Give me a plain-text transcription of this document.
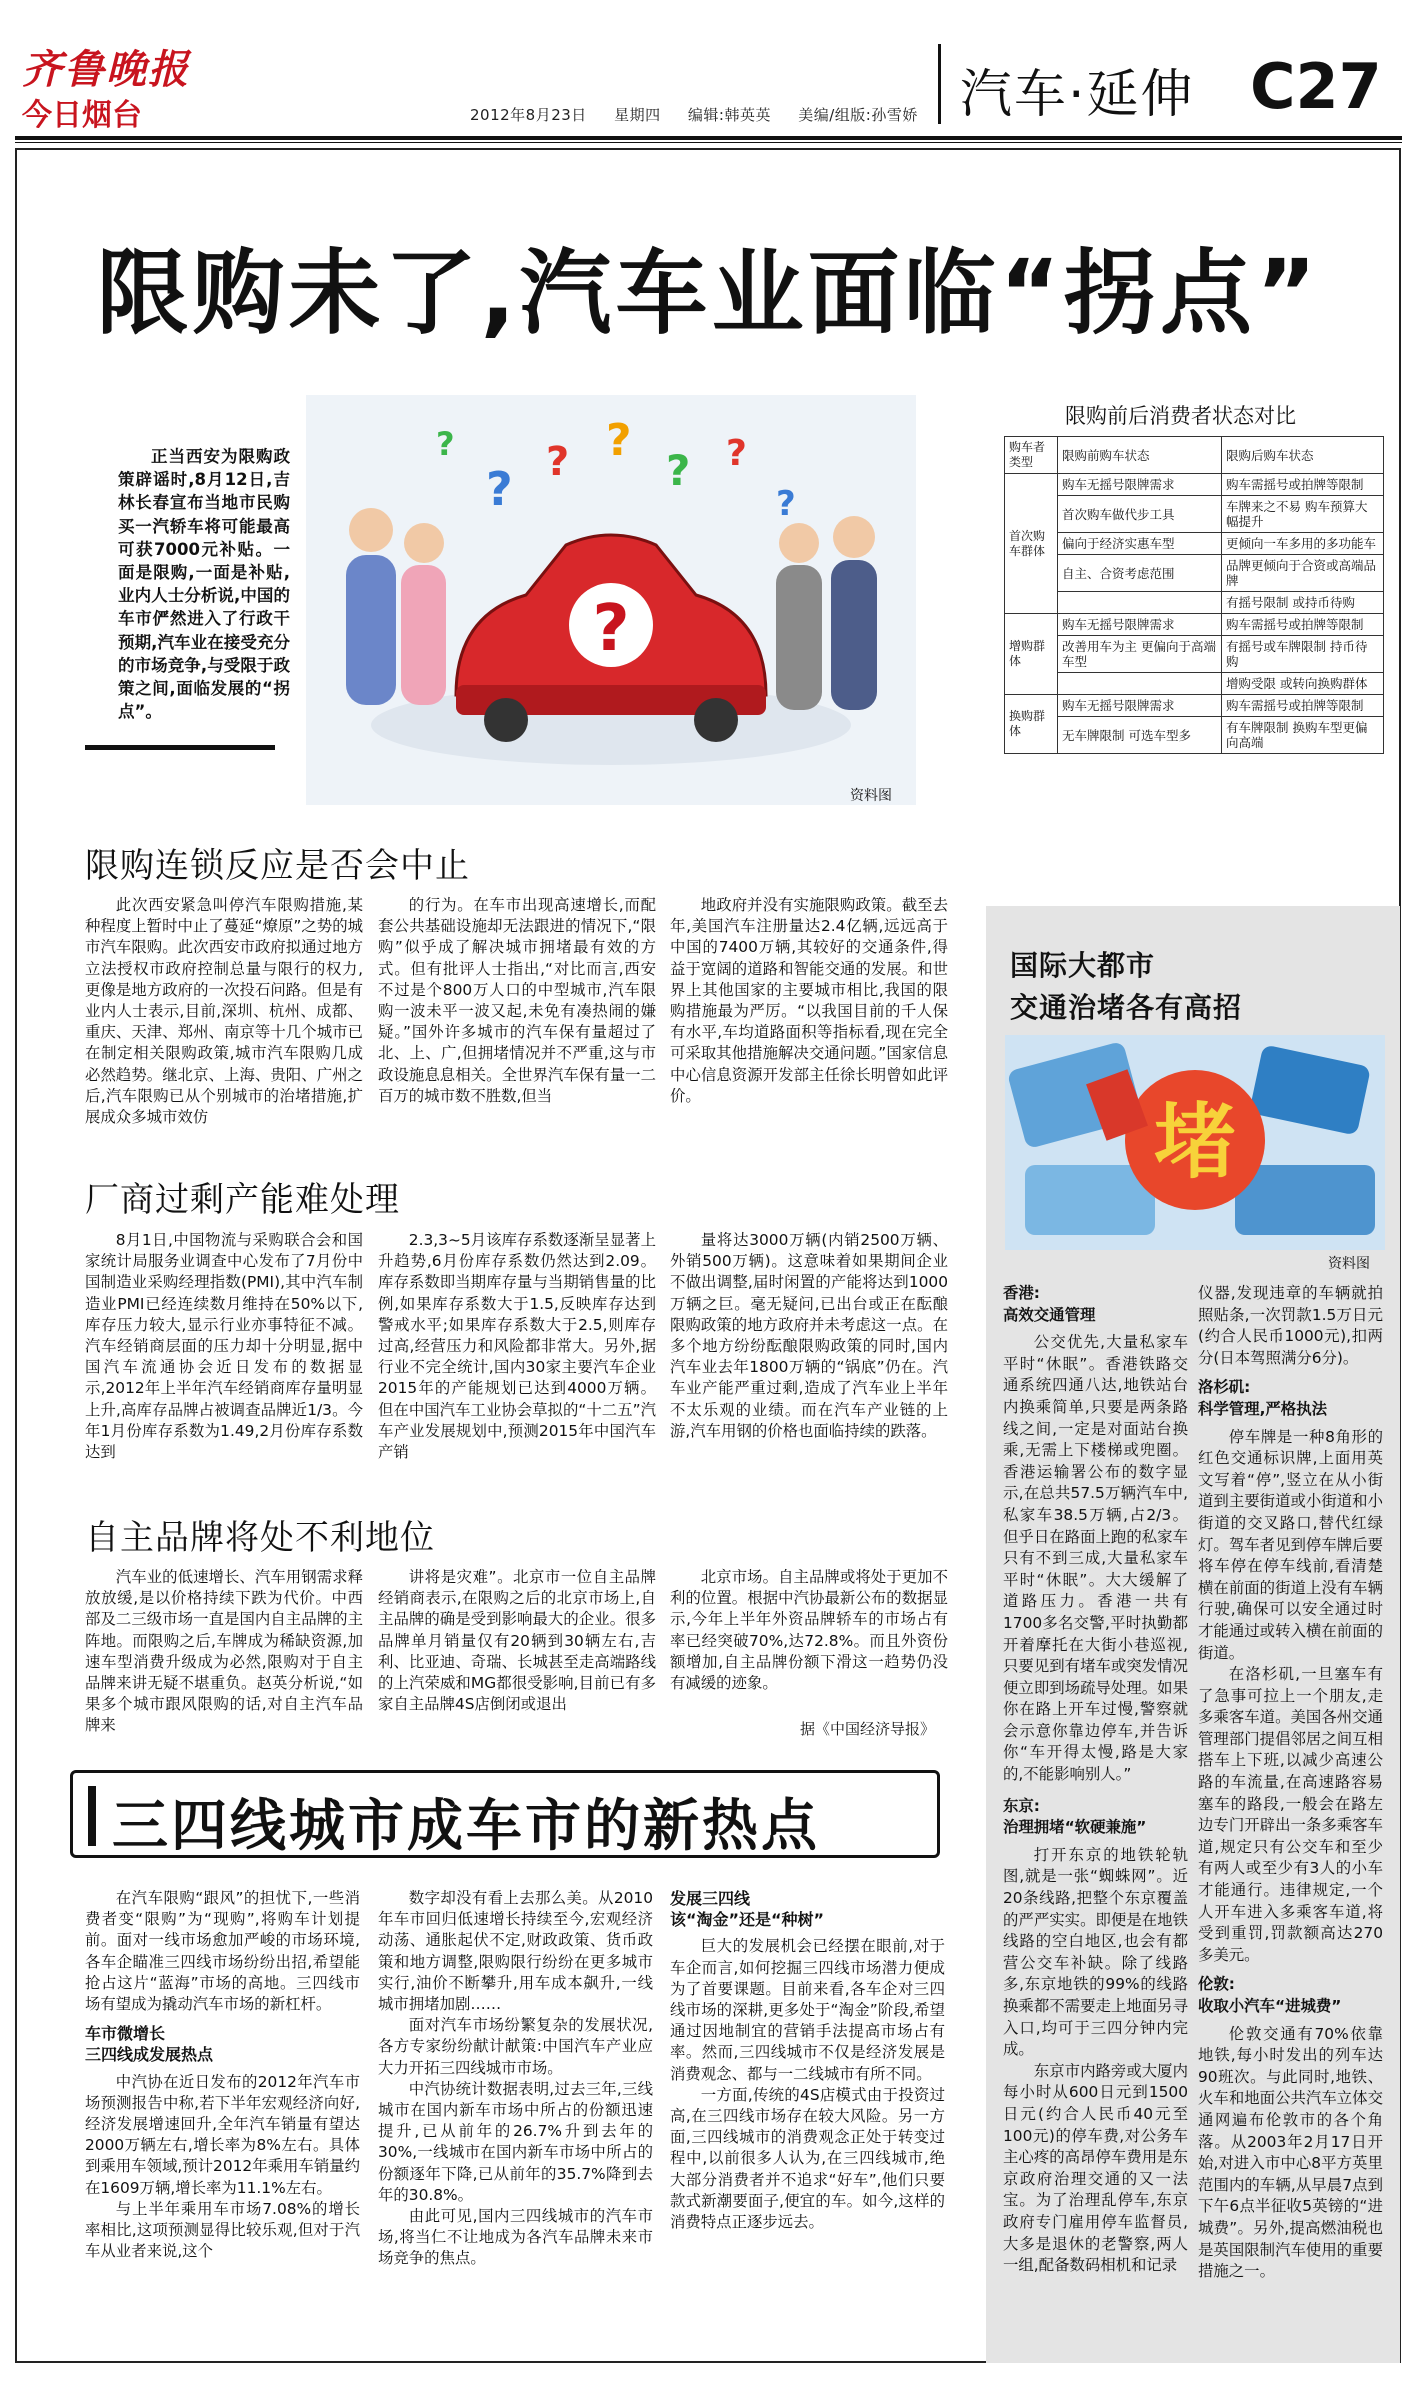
齐鲁晚报
今日烟台	2012年8月23日 星期四 编辑:韩英英 美编/组版:孙雪娇 汽车·延伸 C27
限购未了,汽车业面临“拐点”
正当西安为限购政策辟谣时,8月12日,吉林长春宣布当地市民购买一汽轿车将可能最高可获7000元补贴。一面是限购,一面是补贴,业内人士分析说,中国的车市俨然进入了行政干预期,汽车业在接受充分的市场竞争,与受限于政策之间,面临发展的“拐点”。
?
? ? ?
? ?
?
?
资料图
限购前后消费者状态对比
购车者类型	限购前购车状态	限购后购车状态
首次购车群体	购车无摇号限牌需求	购车需摇号或拍牌等限制
	首次购车做代步工具	车牌来之不易 购车预算大幅提升
	偏向于经济实惠车型	更倾向一车多用的多功能车
	自主、合资考虑范围	品牌更倾向于合资或高端品牌
		有摇号限制 或持币待购
增购群体	购车无摇号限牌需求	购车需摇号或拍牌等限制
	改善用车为主 更偏向于高端车型	有摇号或车牌限制 持币待购
		增购受限 或转向换购群体
换购群体	购车无摇号限牌需求	购车需摇号或拍牌等限制
	无车牌限制 可选车型多	有车牌限制 换购车型更偏向高端
限购连锁反应是否会中止
此次西安紧急叫停汽车限购措施,某种程度上暂时中止了蔓延“燎原”之势的城市汽车限购。此次西安市政府拟通过地方立法授权市政府控制总量与限行的权力,更像是地方政府的一次投石问路。但是有业内人士表示,目前,深圳、杭州、成都、重庆、天津、郑州、南京等十几个城市已在制定相关限购政策,城市汽车限购几成必然趋势。继北京、上海、贵阳、广州之后,汽车限购已从个别城市的治堵措施,扩展成众多城市效仿
的行为。在车市出现高速增长,而配套公共基础设施却无法跟进的情况下,“限购”似乎成了解决城市拥堵最有效的方式。但有批评人士指出,“对比而言,西安不过是个800万人口的中型城市,汽车限购一波未平一波又起,未免有凑热闹的嫌疑。”国外许多城市的汽车保有量超过了北、上、广,但拥堵情况并不严重,这与市政设施息息相关。全世界汽车保有量一二百万的城市数不胜数,但当
地政府并没有实施限购政策。截至去年,美国汽车注册量达2.4亿辆,远远高于中国的7400万辆,其较好的交通条件,得益于宽阔的道路和智能交通的发展。和世界上其他国家的主要城市相比,我国的限购措施最为严厉。“以我国目前的千人保有水平,车均道路面积等指标看,现在完全可采取其他措施解决交通问题。”国家信息中心信息资源开发部主任徐长明曾如此评价。
厂商过剩产能难处理
8月1日,中国物流与采购联合会和国家统计局服务业调查中心发布了7月份中国制造业采购经理指数(PMI),其中汽车制造业PMI已经连续数月维持在50%以下,库存压力较大,显示行业亦事特征不减。汽车经销商层面的压力却十分明显,据中国汽车流通协会近日发布的数据显示,2012年上半年汽车经销商库存量明显上升,高库存品牌占被调查品牌近1/3。今年1月份库存系数为1.49,2月份库存系数达到
2.3,3~5月该库存系数逐渐呈显著上升趋势,6月份库存系数仍然达到2.09。库存系数即当期库存量与当期销售量的比例,如果库存系数大于1.5,反映库存达到警戒水平;如果库存系数大于2.5,则库存过高,经营压力和风险都非常大。另外,据行业不完全统计,国内30家主要汽车企业2015年的产能规划已达到4000万辆。但在中国汽车工业协会草拟的“十二五”汽车产业发展规划中,预测2015年中国汽车产销
量将达3000万辆(内销2500万辆、外销500万辆)。这意味着如果期间企业不做出调整,届时闲置的产能将达到1000万辆之巨。毫无疑问,已出台或正在酝酿限购政策的地方政府并未考虑这一点。在多个地方纷纷酝酿限购政策的同时,国内汽车业去年1800万辆的“锅底”仍在。汽车业产能严重过剩,造成了汽车业上半年不太乐观的业绩。而在汽车产业链的上游,汽车用钢的价格也面临持续的跌落。
自主品牌将处不利地位
汽车业的低速增长、汽车用钢需求释放放缓,是以价格持续下跌为代价。中西部及二三级市场一直是国内自主品牌的主阵地。而限购之后,车牌成为稀缺资源,加速车型消费升级成为必然,限购对于自主品牌来讲无疑不堪重负。赵英分析说,“如果多个城市跟风限购的话,对自主汽车品牌来
讲将是灾难”。北京市一位自主品牌经销商表示,在限购之后的北京市场上,自主品牌的确是受到影响最大的企业。很多品牌单月销量仅有20辆到30辆左右,吉利、比亚迪、奇瑞、长城甚至走高端路线的上汽荣威和MG都很受影响,目前已有多家自主品牌4S店倒闭或退出
北京市场。自主品牌或将处于更加不利的位置。根据中汽协最新公布的数据显示,今年上半年外资品牌轿车的市场占有率已经突破70%,达72.8%。而且外资份额增加,自主品牌份额下滑这一趋势仍没有减缓的迹象。
据《中国经济导报》
三四线城市成车市的新热点

在汽车限购“跟风”的担忧下,一些消费者变“限购”为“现购”,将购车计划提前。面对一线市场愈加严峻的市场环境,各车企瞄准三四线市场纷纷出招,希望能抢占这片“蓝海”市场的高地。三四线市场有望成为撬动汽车市场的新杠杆。

车市微增长

三四线成发展热点

中汽协在近日发布的2012年汽车市场预测报告中称,若下半年宏观经济向好,经济发展增速回升,全年汽车销量有望达2000万辆左右,增长率为8%左右。具体到乘用车领域,预计2012年乘用车销量约在1609万辆,增长率为11.1%左右。

与上半年乘用车市场7.08%的增长率相比,这项预测显得比较乐观,但对于汽车从业者来说,这个

数字却没有看上去那么美。从2010年车市回归低速增长持续至今,宏观经济动荡、通胀起伏不定,财政政策、货币政策和地方调整,限购限行纷纷在更多城市实行,油价不断攀升,用车成本飙升,一线城市拥堵加剧……

面对汽车市场纷繁复杂的发展状况,各方专家纷纷献计献策:中国汽车产业应大力开拓三四线城市市场。

中汽协统计数据表明,过去三年,三线城市在国内新车市场中所占的份额迅速提升,已从前年的26.7%升到去年的30%,一线城市在国内新车市场中所占的份额逐年下降,已从前年的35.7%降到去年的30.8%。

由此可见,国内三四线城市的汽车市场,将当仁不让地成为各汽车品牌未来市场竞争的焦点。

发展三四线

该“淘金”还是“种树”

巨大的发展机会已经摆在眼前,对于车企而言,如何挖掘三四线市场潜力便成为了首要课题。目前来看,各车企对三四线市场的深耕,更多处于“淘金”阶段,希望通过因地制宜的营销手法提高市场占有率。然而,三四线城市不仅是经济发展是消费观念、都与一二线城市有所不同。

一方面,传统的4S店模式由于投资过高,在三四线市场存在较大风险。另一方面,三四线城市的消费观念正处于转变过程中,以前很多人认为,在三四线城市,绝大部分消费者并不追求“好车”,他们只要款式新潮要面子,便宜的车。如今,这样的消费特点正逐步远去。

国际大都市
交通治堵各有高招
堵
资料图

香港:

高效交通管理

公交优先,大量私家车平时“休眠”。香港铁路交通系统四通八达,地铁站台内换乘简单,只要是两条路线之间,一定是对面站台换乘,无需上下楼梯或兜圈。香港运输署公布的数字显示,在总共57.5万辆汽车中,私家车38.5万辆,占2/3。但乎日在路面上跑的私家车只有不到三成,大量私家车平时“休眠”。大大缓解了道路压力。香港一共有1700多名交警,平时执勤都开着摩托在大街小巷巡视,只要见到有堵车或突发情况便立即到场疏导处理。如果你在路上开车过慢,警察就会示意你靠边停车,并告诉你“车开得太慢,路是大家的,不能影响别人。”

东京:

治理拥堵“软硬兼施”

打开东京的地铁轮轨图,就是一张“蜘蛛网”。近20条线路,把整个东京覆盖的严严实实。即便是在地铁线路的空白地区,也会有都营公交车补缺。除了线路多,东京地铁的99%的线路换乘都不需要走上地面另寻入口,均可于三四分钟内完成。

东京市内路旁或大厦内每小时从600日元到1500日元(约合人民币40元至100元)的停车费,对公务车主心疼的高昂停车费用是东京政府治理交通的又一法宝。为了治理乱停车,东京政府专门雇用停车监督员,大多是退休的老警察,两人一组,配备数码相机和记录

仪器,发现违章的车辆就拍照贴条,一次罚款1.5万日元(约合人民币1000元),扣两分(日本驾照满分6分)。

洛杉矶:

科学管理,严格执法

停车牌是一种8角形的红色交通标识牌,上面用英文写着“停”,竖立在从小街道到主要街道或小街道和小街道的交叉路口,替代红绿灯。驾车者见到停车牌后要将车停在停车线前,看清楚横在前面的街道上没有车辆行驶,确保可以安全通过时才能通过或转入横在前面的街道。

在洛杉矶,一旦塞车有了急事可拉上一个朋友,走多乘客车道。美国各州交通管理部门提倡邻居之间互相搭车上下班,以减少高速公路的车流量,在高速路容易塞车的路段,一般会在路左边专门开辟出一条多乘客车道,规定只有公交车和至少有两人或至少有3人的小车才能通行。违律规定,一个人开车进入多乘客车道,将受到重罚,罚款额高达270多美元。

伦敦:

收取小汽车“进城费”

伦敦交通有70%依靠地铁,每小时发出的列车达90班次。与此同时,地铁、火车和地面公共汽车立体交通网遍布伦敦市的各个角落。从2003年2月17日开始,对进入市中心8平方英里范围内的车辆,从早晨7点到下午6点半征收5英镑的“进城费”。另外,提高燃油税也是英国限制汽车使用的重要措施之一。
